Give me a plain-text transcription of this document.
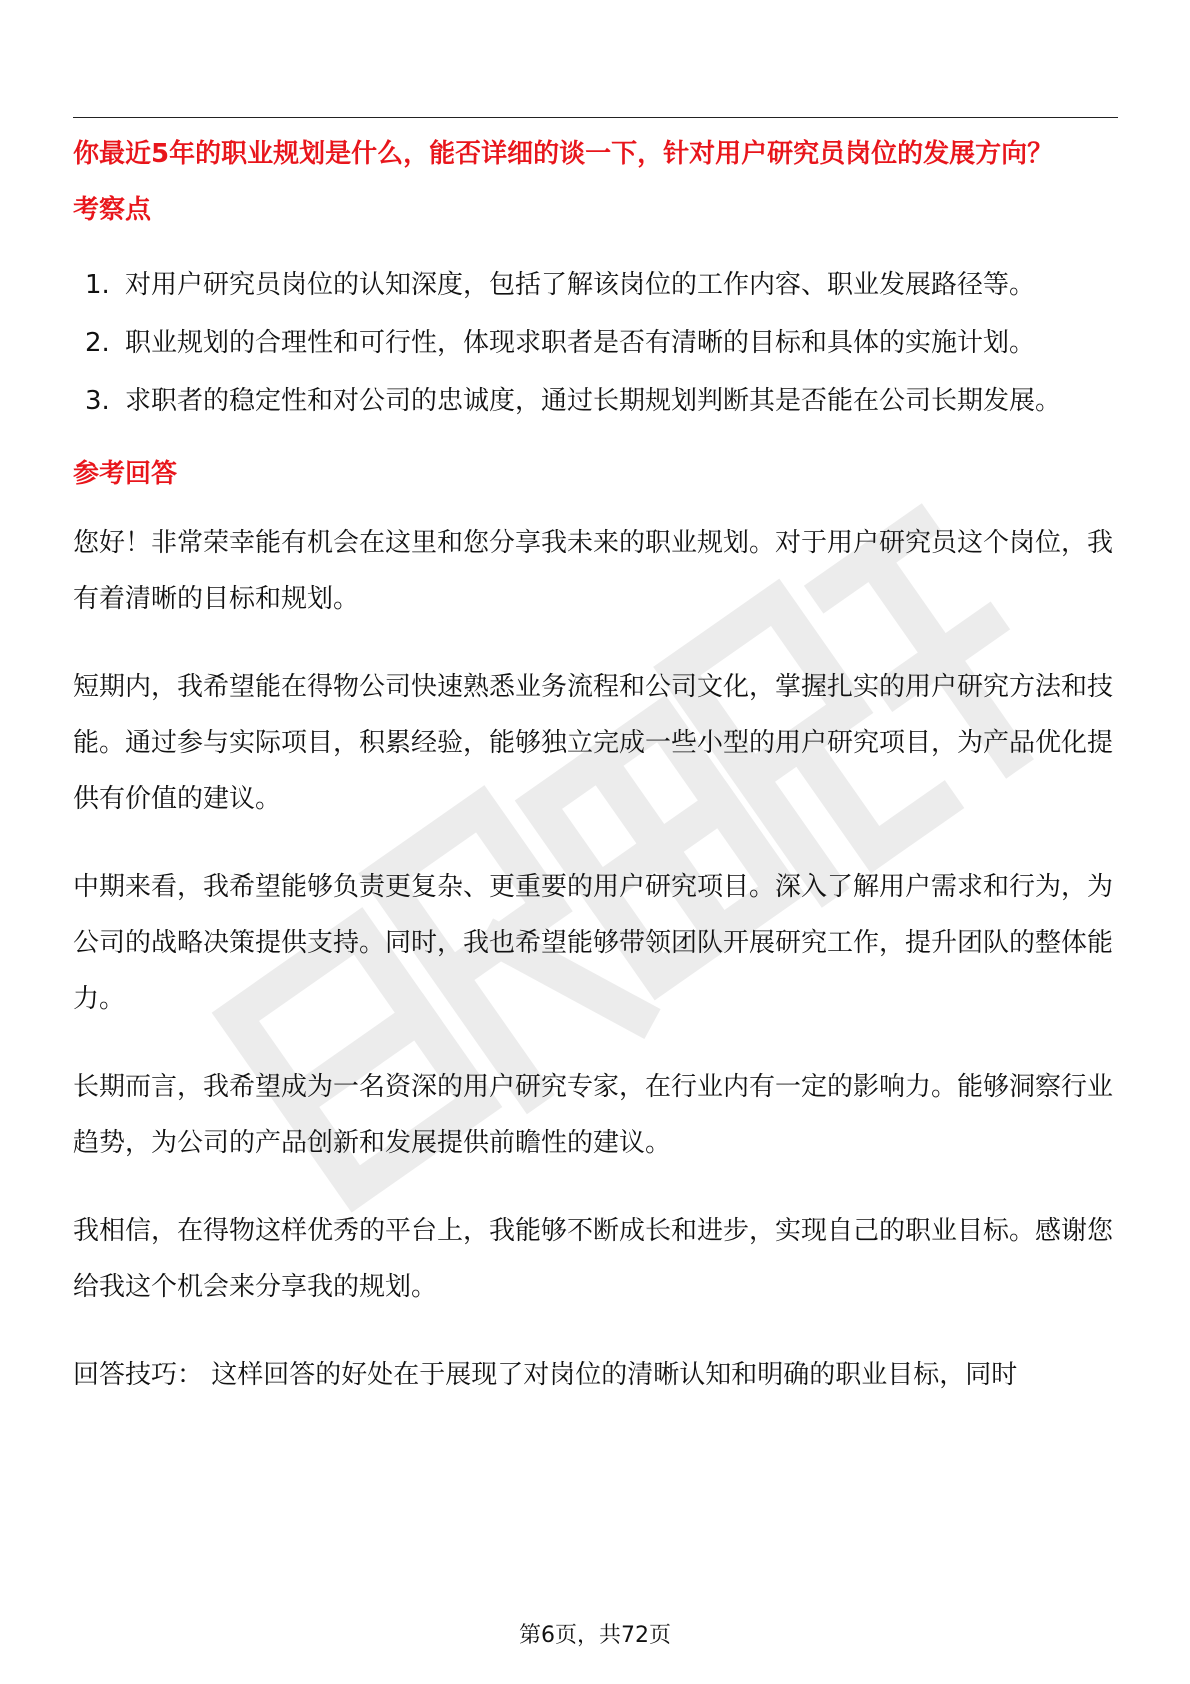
你最近5年的职业规划是什么，能否详细的谈一下，针对用户研究员岗位的发展方向？

考察点

1. 对用户研究员岗位的认知深度，包括了解该岗位的工作内容、职业发展路径等。
2. 职业规划的合理性和可行性，体现求职者是否有清晰的目标和具体的实施计划。
3. 求职者的稳定性和对公司的忠诚度，通过长期规划判断其是否能在公司长期发展。

参考回答

您好！非常荣幸能有机会在这里和您分享我未来的职业规划。对于用户研究员这个岗位，我有着清晰的目标和规划。

短期内，我希望能在得物公司快速熟悉业务流程和公司文化，掌握扎实的用户研究方法和技能。通过参与实际项目，积累经验，能够独立完成一些小型的用户研究项目，为产品优化提供有价值的建议。

中期来看，我希望能够负责更复杂、更重要的用户研究项目。深入了解用户需求和行为，为公司的战略决策提供支持。同时，我也希望能够带领团队开展研究工作，提升团队的整体能力。

长期而言，我希望成为一名资深的用户研究专家，在行业内有一定的影响力。能够洞察行业趋势，为公司的产品创新和发展提供前瞻性的建议。

我相信，在得物这样优秀的平台上，我能够不断成长和进步，实现自己的职业目标。感谢您给我这个机会来分享我的规划。

回答技巧： 这样回答的好处在于展现了对岗位的清晰认知和明确的职业目标，同时

第6页，共72页
